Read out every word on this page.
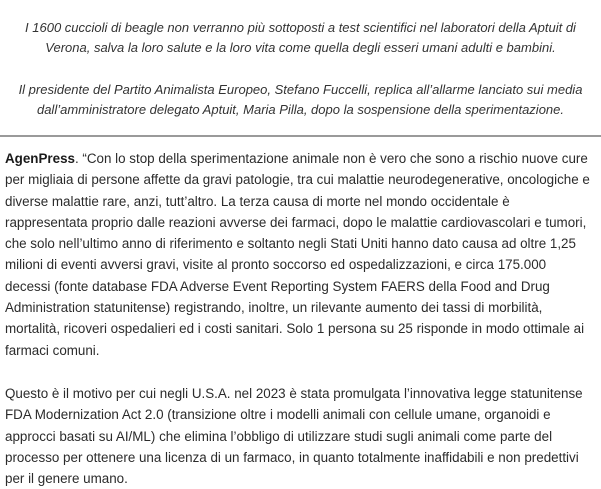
I 1600 cuccioli di beagle non verranno più sottoposti a test scientifici nel laboratori della Aptuit di Verona, salva la loro salute e la loro vita come quella degli esseri umani adulti e bambini.

Il presidente del Partito Animalista Europeo, Stefano Fuccelli, replica all’allarme lanciato sui media dall’amministratore delegato Aptuit, Maria Pilla, dopo la sospensione della sperimentazione.

AgenPress. “Con lo stop della sperimentazione animale non è vero che sono a rischio nuove cure per migliaia di persone affette da gravi patologie, tra cui malattie neurodegenerative, oncologiche e diverse malattie rare, anzi, tutt’altro. La terza causa di morte nel mondo occidentale è rappresentata proprio dalle reazioni avverse dei farmaci, dopo le malattie cardiovascolari e tumori, che solo nell’ultimo anno di riferimento e soltanto negli Stati Uniti hanno dato causa ad oltre 1,25 milioni di eventi avversi gravi, visite al pronto soccorso ed ospedalizzazioni, e circa 175.000 decessi (fonte database FDA Adverse Event Reporting System FAERS della Food and Drug Administration statunitense) registrando, inoltre, un rilevante aumento dei tassi di morbilità, mortalità, ricoveri ospedalieri ed i costi sanitari. Solo 1 persona su 25 risponde in modo ottimale ai farmaci comuni.

Questo è il motivo per cui negli U.S.A. nel 2023 è stata promulgata l’innovativa legge statunitense FDA Modernization Act 2.0 (transizione oltre i modelli animali con cellule umane, organoidi e approcci basati su AI/ML) che elimina l’obbligo di utilizzare studi sugli animali come parte del processo per ottenere una licenza di un farmaco, in quanto totalmente inaffidabili e non predettivi per il genere umano.
